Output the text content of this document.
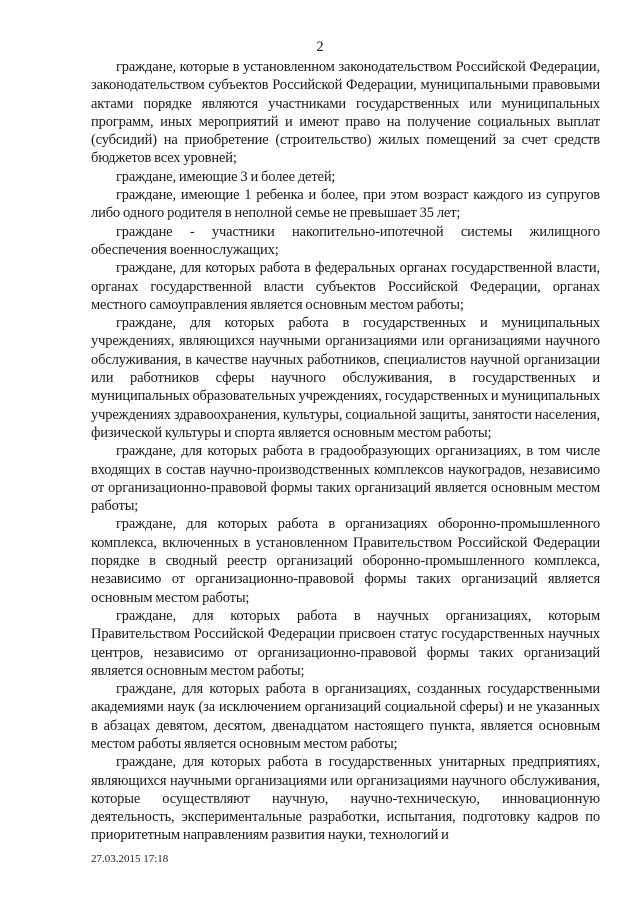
2

граждане, которые в установленном законодательством Российской Федерации, законодательством субъектов Российской Федерации, муниципальными правовыми актами порядке являются участниками государственных или муниципальных программ, иных мероприятий и имеют право на получение социальных выплат (субсидий) на приобретение (строительство) жилых помещений за счет средств бюджетов всех уровней;

граждане, имеющие 3 и более детей;

граждане, имеющие 1 ребенка и более, при этом возраст каждого из супругов либо одного родителя в неполной семье не превышает 35 лет;

граждане - участники накопительно-ипотечной системы жилищного обеспечения военнослужащих;

граждане, для которых работа в федеральных органах государственной власти, органах государственной власти субъектов Российской Федерации, органах местного самоуправления является основным местом работы;

граждане, для которых работа в государственных и муниципальных учреждениях, являющихся научными организациями или организациями научного обслуживания, в качестве научных работников, специалистов научной организации или работников сферы научного обслуживания, в государственных и муниципальных образовательных учреждениях, государственных и муниципальных учреждениях здравоохранения, культуры, социальной защиты, занятости населения, физической культуры и спорта является основным местом работы;

граждане, для которых работа в градообразующих организациях, в том числе входящих в состав научно-производственных комплексов наукоградов, независимо от организационно-правовой формы таких организаций является основным местом работы;

граждане, для которых работа в организациях оборонно-промышленного комплекса, включенных в установленном Правительством Российской Федерации порядке в сводный реестр организаций оборонно-промышленного комплекса, независимо от организационно-правовой формы таких организаций является основным местом работы;

граждане, для которых работа в научных организациях, которым Правительством Российской Федерации присвоен статус государственных научных центров, независимо от организационно-правовой формы таких организаций является основным местом работы;

граждане, для которых работа в организациях, созданных государственными академиями наук (за исключением организаций социальной сферы) и не указанных в абзацах девятом, десятом, двенадцатом настоящего пункта, является основным местом работы является основным местом работы;

граждане, для которых работа в государственных унитарных предприятиях, являющихся научными организациями или организациями научного обслуживания, которые осуществляют научную, научно-техническую, инновационную деятельность, экспериментальные разработки, испытания, подготовку кадров по приоритетным направлениям развития науки, технологий и

27.03.2015 17:18
